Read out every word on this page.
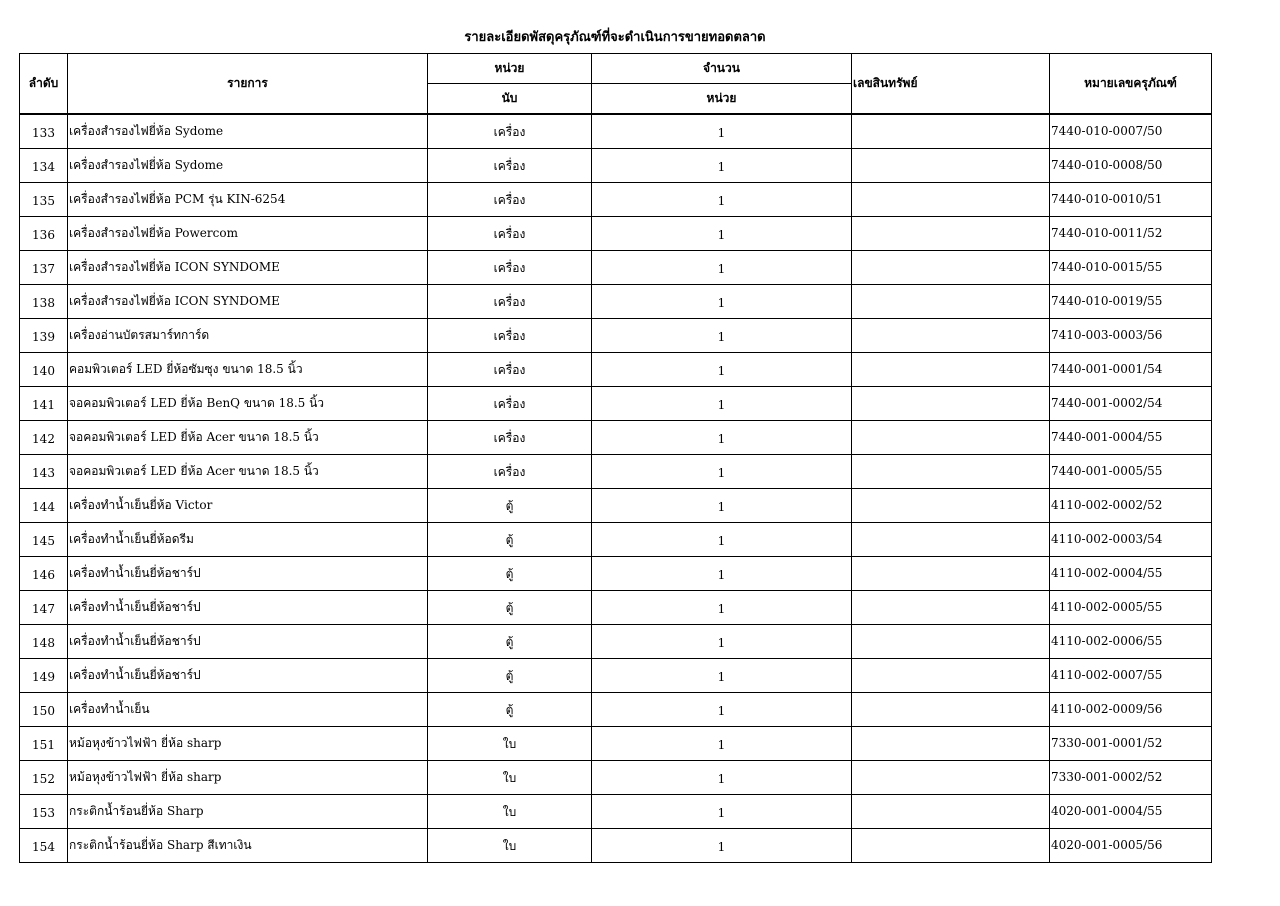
รายละเอียดพัสดุครุภัณฑ์ที่จะดำเนินการขายทอดตลาด
ลำดับ	รายการ	หน่วย	จำนวน	เลขสินทรัพย์	หมายเลขครุภัณฑ์
		นับ	หน่วย		
133	เครื่องสำรองไฟยี่ห้อ Sydome	เครื่อง	1		7440-010-0007/50
134	เครื่องสำรองไฟยี่ห้อ Sydome	เครื่อง	1		7440-010-0008/50
135	เครื่องสำรองไฟยี่ห้อ PCM รุ่น KIN-6254	เครื่อง	1		7440-010-0010/51
136	เครื่องสำรองไฟยี่ห้อ Powercom	เครื่อง	1		7440-010-0011/52
137	เครื่องสำรองไฟยี่ห้อ ICON SYNDOME	เครื่อง	1		7440-010-0015/55
138	เครื่องสำรองไฟยี่ห้อ ICON SYNDOME	เครื่อง	1		7440-010-0019/55
139	เครื่องอ่านบัตรสมาร์ทการ์ด	เครื่อง	1		7410-003-0003/56
140	คอมพิวเตอร์ LED ยี่ห้อซัมซุง ขนาด 18.5 นิ้ว	เครื่อง	1		7440-001-0001/54
141	จอคอมพิวเตอร์ LED ยี่ห้อ BenQ ขนาด 18.5 นิ้ว	เครื่อง	1		7440-001-0002/54
142	จอคอมพิวเตอร์ LED ยี่ห้อ Acer ขนาด 18.5 นิ้ว	เครื่อง	1		7440-001-0004/55
143	จอคอมพิวเตอร์ LED ยี่ห้อ Acer ขนาด 18.5 นิ้ว	เครื่อง	1		7440-001-0005/55
144	เครื่องทำน้ำเย็นยี่ห้อ Victor	ตู้	1		4110-002-0002/52
145	เครื่องทำน้ำเย็นยี่ห้อดรีม	ตู้	1		4110-002-0003/54
146	เครื่องทำน้ำเย็นยี่ห้อชาร์ป	ตู้	1		4110-002-0004/55
147	เครื่องทำน้ำเย็นยี่ห้อชาร์ป	ตู้	1		4110-002-0005/55
148	เครื่องทำน้ำเย็นยี่ห้อชาร์ป	ตู้	1		4110-002-0006/55
149	เครื่องทำน้ำเย็นยี่ห้อชาร์ป	ตู้	1		4110-002-0007/55
150	เครื่องทำน้ำเย็น	ตู้	1		4110-002-0009/56
151	หม้อหุงข้าวไฟฟ้า ยี่ห้อ sharp	ใบ	1		7330-001-0001/52
152	หม้อหุงข้าวไฟฟ้า ยี่ห้อ sharp	ใบ	1		7330-001-0002/52
153	กระติกน้ำร้อนยี่ห้อ Sharp	ใบ	1		4020-001-0004/55
154	กระติกน้ำร้อนยี่ห้อ Sharp สีเทาเงิน	ใบ	1		4020-001-0005/56
